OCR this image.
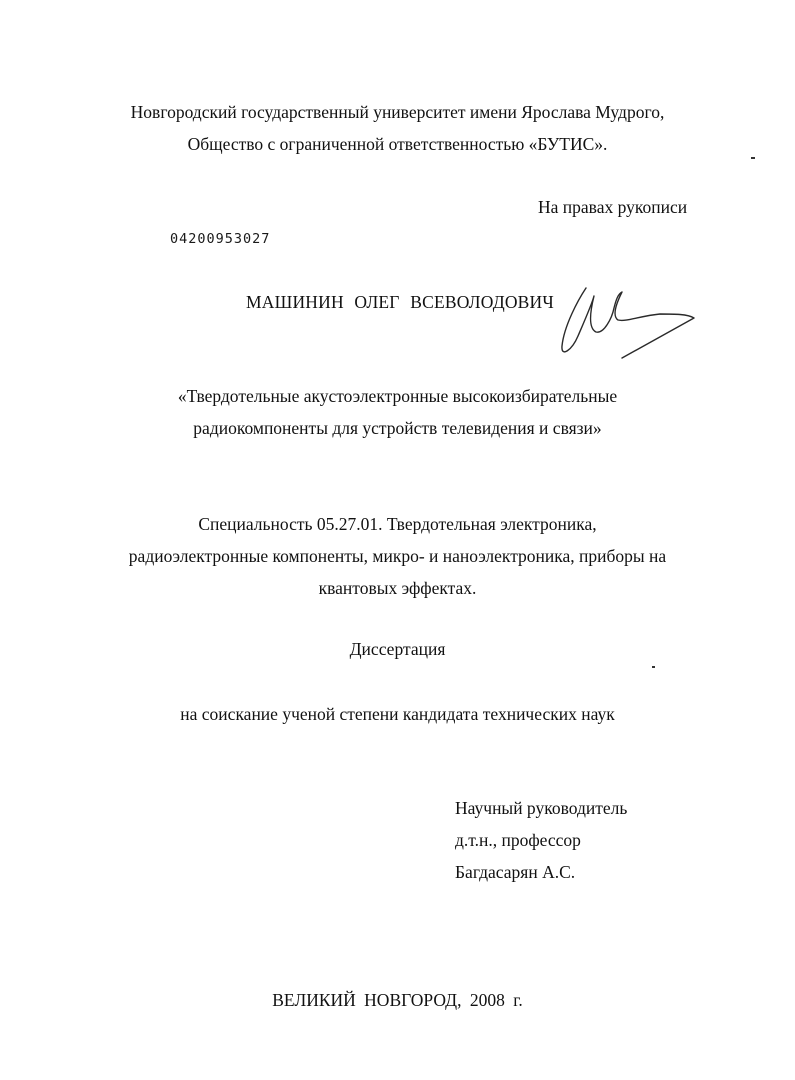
Новгородский государственный университет имени Ярослава Мудрого,
Общество с ограниченной ответственностью «БУТИС».
На правах рукописи
04200953027
МАШИНИН ОЛЕГ ВСЕВОЛОДОВИЧ
«Твердотельные акустоэлектронные высокоизбирательные
радиокомпоненты для устройств телевидения и связи»
Специальность 05.27.01. Твердотельная электроника,
радиоэлектронные компоненты, микро- и наноэлектроника, приборы на
квантовых эффектах.
Диссертация
на соискание ученой степени кандидата технических наук
Научный руководитель
д.т.н., профессор
Багдасарян А.С.
ВЕЛИКИЙ НОВГОРОД, 2008 г.
